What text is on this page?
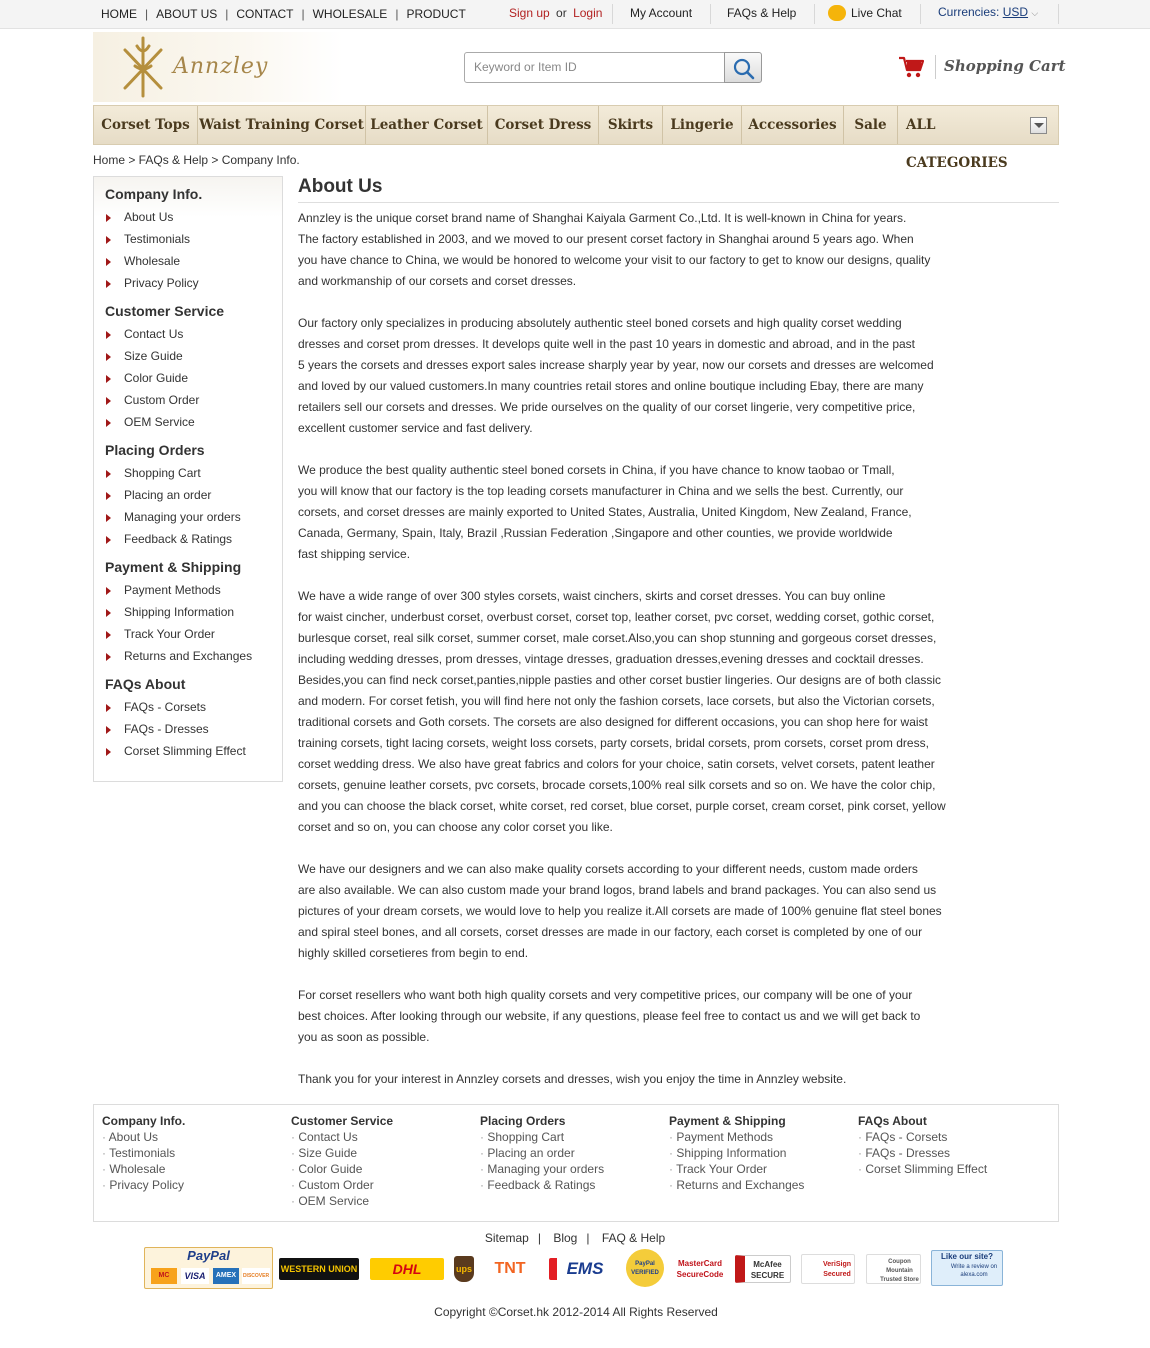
HOME | ABOUT US | CONTACT | WHOLESALE | PRODUCT	Sign up or Login My Account	FAQs & Help	Live Chat	Currencies: USD ⌵
Annzley	Keyword or Item ID	Shopping Cart
Corset Tops Waist Training Corset Leather Corset Corset Dress	Skirts	Lingerie	Accessories	Sale	ALL CATEGORIES
Home > FAQs & Help > Company Info.
Company Info.
About Us
Testimonials
Wholesale
Privacy Policy
Customer Service
Contact Us
Size Guide
Color Guide
Custom Order
OEM Service
Placing Orders
Shopping Cart
Placing an order
Managing your orders
Feedback & Ratings
Payment & Shipping
Payment Methods
Shipping Information
Track Your Order
Returns and Exchanges
FAQs About
FAQs - Corsets
FAQs - Dresses
Corset Slimming Effect
About Us

Annzley is the unique corset brand name of Shanghai Kaiyala Garment Co.,Ltd. It is well-known in China for years.
The factory established in 2003, and we moved to our present corset factory in Shanghai around 5 years ago. When
you have chance to China, we would be honored to welcome your visit to our factory to get to know our designs, quality
and workmanship of our corsets and corset dresses.

Our factory only specializes in producing absolutely authentic steel boned corsets and high quality corset wedding
dresses and corset prom dresses. It develops quite well in the past 10 years in domestic and abroad, and in the past
5 years the corsets and dresses export sales increase sharply year by year, now our corsets and dresses are welcomed
and loved by our valued customers.In many countries retail stores and online boutique including Ebay, there are many
retailers sell our corsets and dresses. We pride ourselves on the quality of our corset lingerie, very competitive price,
excellent customer service and fast delivery.

We produce the best quality authentic steel boned corsets in China, if you have chance to know taobao or Tmall,
you will know that our factory is the top leading corsets manufacturer in China and we sells the best. Currently, our
corsets, and corset dresses are mainly exported to United States, Australia, United Kingdom, New Zealand, France,
Canada, Germany, Spain, Italy, Brazil ,Russian Federation ,Singapore and other counties, we provide worldwide
fast shipping service.

We have a wide range of over 300 styles corsets, waist cinchers, skirts and corset dresses. You can buy online
for waist cincher, underbust corset, overbust corset, corset top, leather corset, pvc corset, wedding corset, gothic corset,
burlesque corset, real silk corset, summer corset, male corset.Also,you can shop stunning and gorgeous corset dresses,
including wedding dresses, prom dresses, vintage dresses, graduation dresses,evening dresses and cocktail dresses.
Besides,you can find neck corset,panties,nipple pasties and other corset bustier lingeries. Our designs are of both classic
and modern. For corset fetish, you will find here not only the fashion corsets, lace corsets, but also the Victorian corsets,
traditional corsets and Goth corsets. The corsets are also designed for different occasions, you can shop here for waist
training corsets, tight lacing corsets, weight loss corsets, party corsets, bridal corsets, prom corsets, corset prom dress,
corset wedding dress. We also have great fabrics and colors for your choice, satin corsets, velvet corsets, patent leather
corsets, genuine leather corsets, pvc corsets, brocade corsets,100% real silk corsets and so on. We have the color chip,
and you can choose the black corset, white corset, red corset, blue corset, purple corset, cream corset, pink corset, yellow
corset and so on, you can choose any color corset you like.

We have our designers and we can also make quality corsets according to your different needs, custom made orders
are also available. We can also custom made your brand logos, brand labels and brand packages. You can also send us
pictures of your dream corsets, we would love to help you realize it.All corsets are made of 100% genuine flat steel bones
and spiral steel bones, and all corsets, corset dresses are made in our factory, each corset is completed by one of our
highly skilled corsetieres from begin to end.

For corset resellers who want both high quality corsets and very competitive prices, our company will be one of your
best choices. After looking through our website, if any questions, please feel free to contact us and we will get back to
you as soon as possible.

Thank you for your interest in Annzley corsets and dresses, wish you enjoy the time in Annzley website.

Company Info.
· About Us
· Testimonials
· Wholesale
· Privacy Policy
Customer Service
· Contact Us
· Size Guide
· Color Guide
· Custom Order
· OEM Service
Placing Orders
· Shopping Cart
· Placing an order
· Managing your orders
· Feedback & Ratings
Payment & Shipping
· Payment Methods
· Shipping Information
· Track Your Order
· Returns and Exchanges
FAQs About
· FAQs - Corsets
· FAQs - Dresses
· Corset Slimming Effect
Sitemap | Blog | FAQ & Help
PayPal
MC	VISA	AMEX	DISCOVER
WESTERN UNION	DHL	ups	TNT	EMS	PayPal VERIFIED
MasterCard SecureCode
McAfee SECURE
VeriSign Secured
Coupon Mountain Trusted Store
Like our site?
Write a review on alexa.com
Copyright ©Corset.hk 2012-2014 All Rights Reserved
